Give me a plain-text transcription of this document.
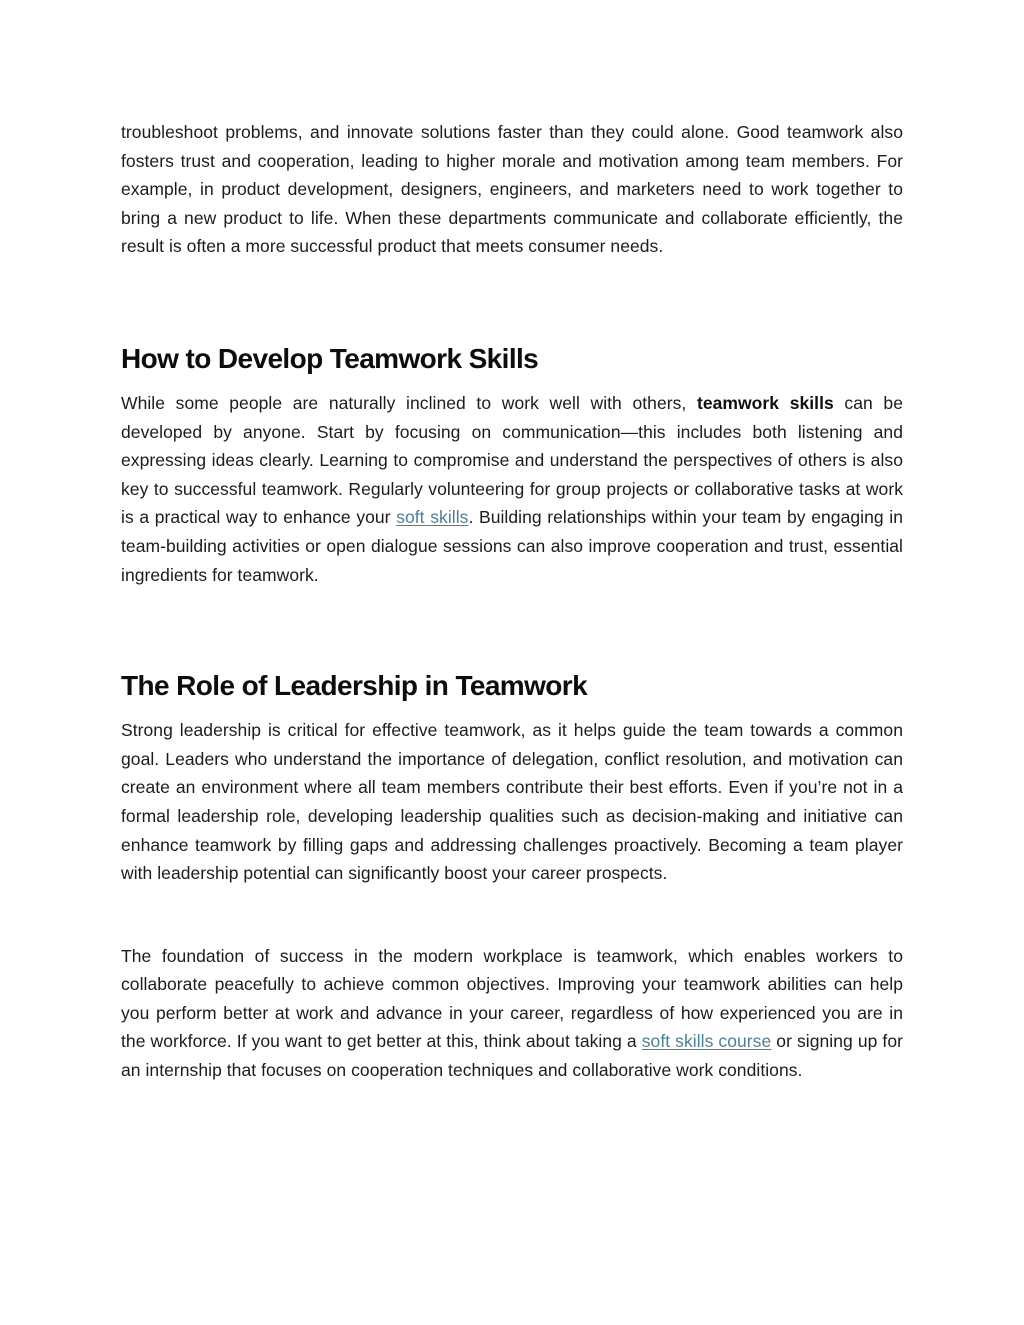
troubleshoot problems, and innovate solutions faster than they could alone. Good teamwork also fosters trust and cooperation, leading to higher morale and motivation among team members. For example, in product development, designers, engineers, and marketers need to work together to bring a new product to life. When these departments communicate and collaborate efficiently, the result is often a more successful product that meets consumer needs.

How to Develop Teamwork Skills

While some people are naturally inclined to work well with others, teamwork skills can be developed by anyone. Start by focusing on communication—this includes both listening and expressing ideas clearly. Learning to compromise and understand the perspectives of others is also key to successful teamwork. Regularly volunteering for group projects or collaborative tasks at work is a practical way to enhance your soft skills. Building relationships within your team by engaging in team-building activities or open dialogue sessions can also improve cooperation and trust, essential ingredients for teamwork.

The Role of Leadership in Teamwork

Strong leadership is critical for effective teamwork, as it helps guide the team towards a common goal. Leaders who understand the importance of delegation, conflict resolution, and motivation can create an environment where all team members contribute their best efforts. Even if you’re not in a formal leadership role, developing leadership qualities such as decision-making and initiative can enhance teamwork by filling gaps and addressing challenges proactively. Becoming a team player with leadership potential can significantly boost your career prospects.

The foundation of success in the modern workplace is teamwork, which enables workers to collaborate peacefully to achieve common objectives. Improving your teamwork abilities can help you perform better at work and advance in your career, regardless of how experienced you are in the workforce. If you want to get better at this, think about taking a soft skills course or signing up for an internship that focuses on cooperation techniques and collaborative work conditions.
